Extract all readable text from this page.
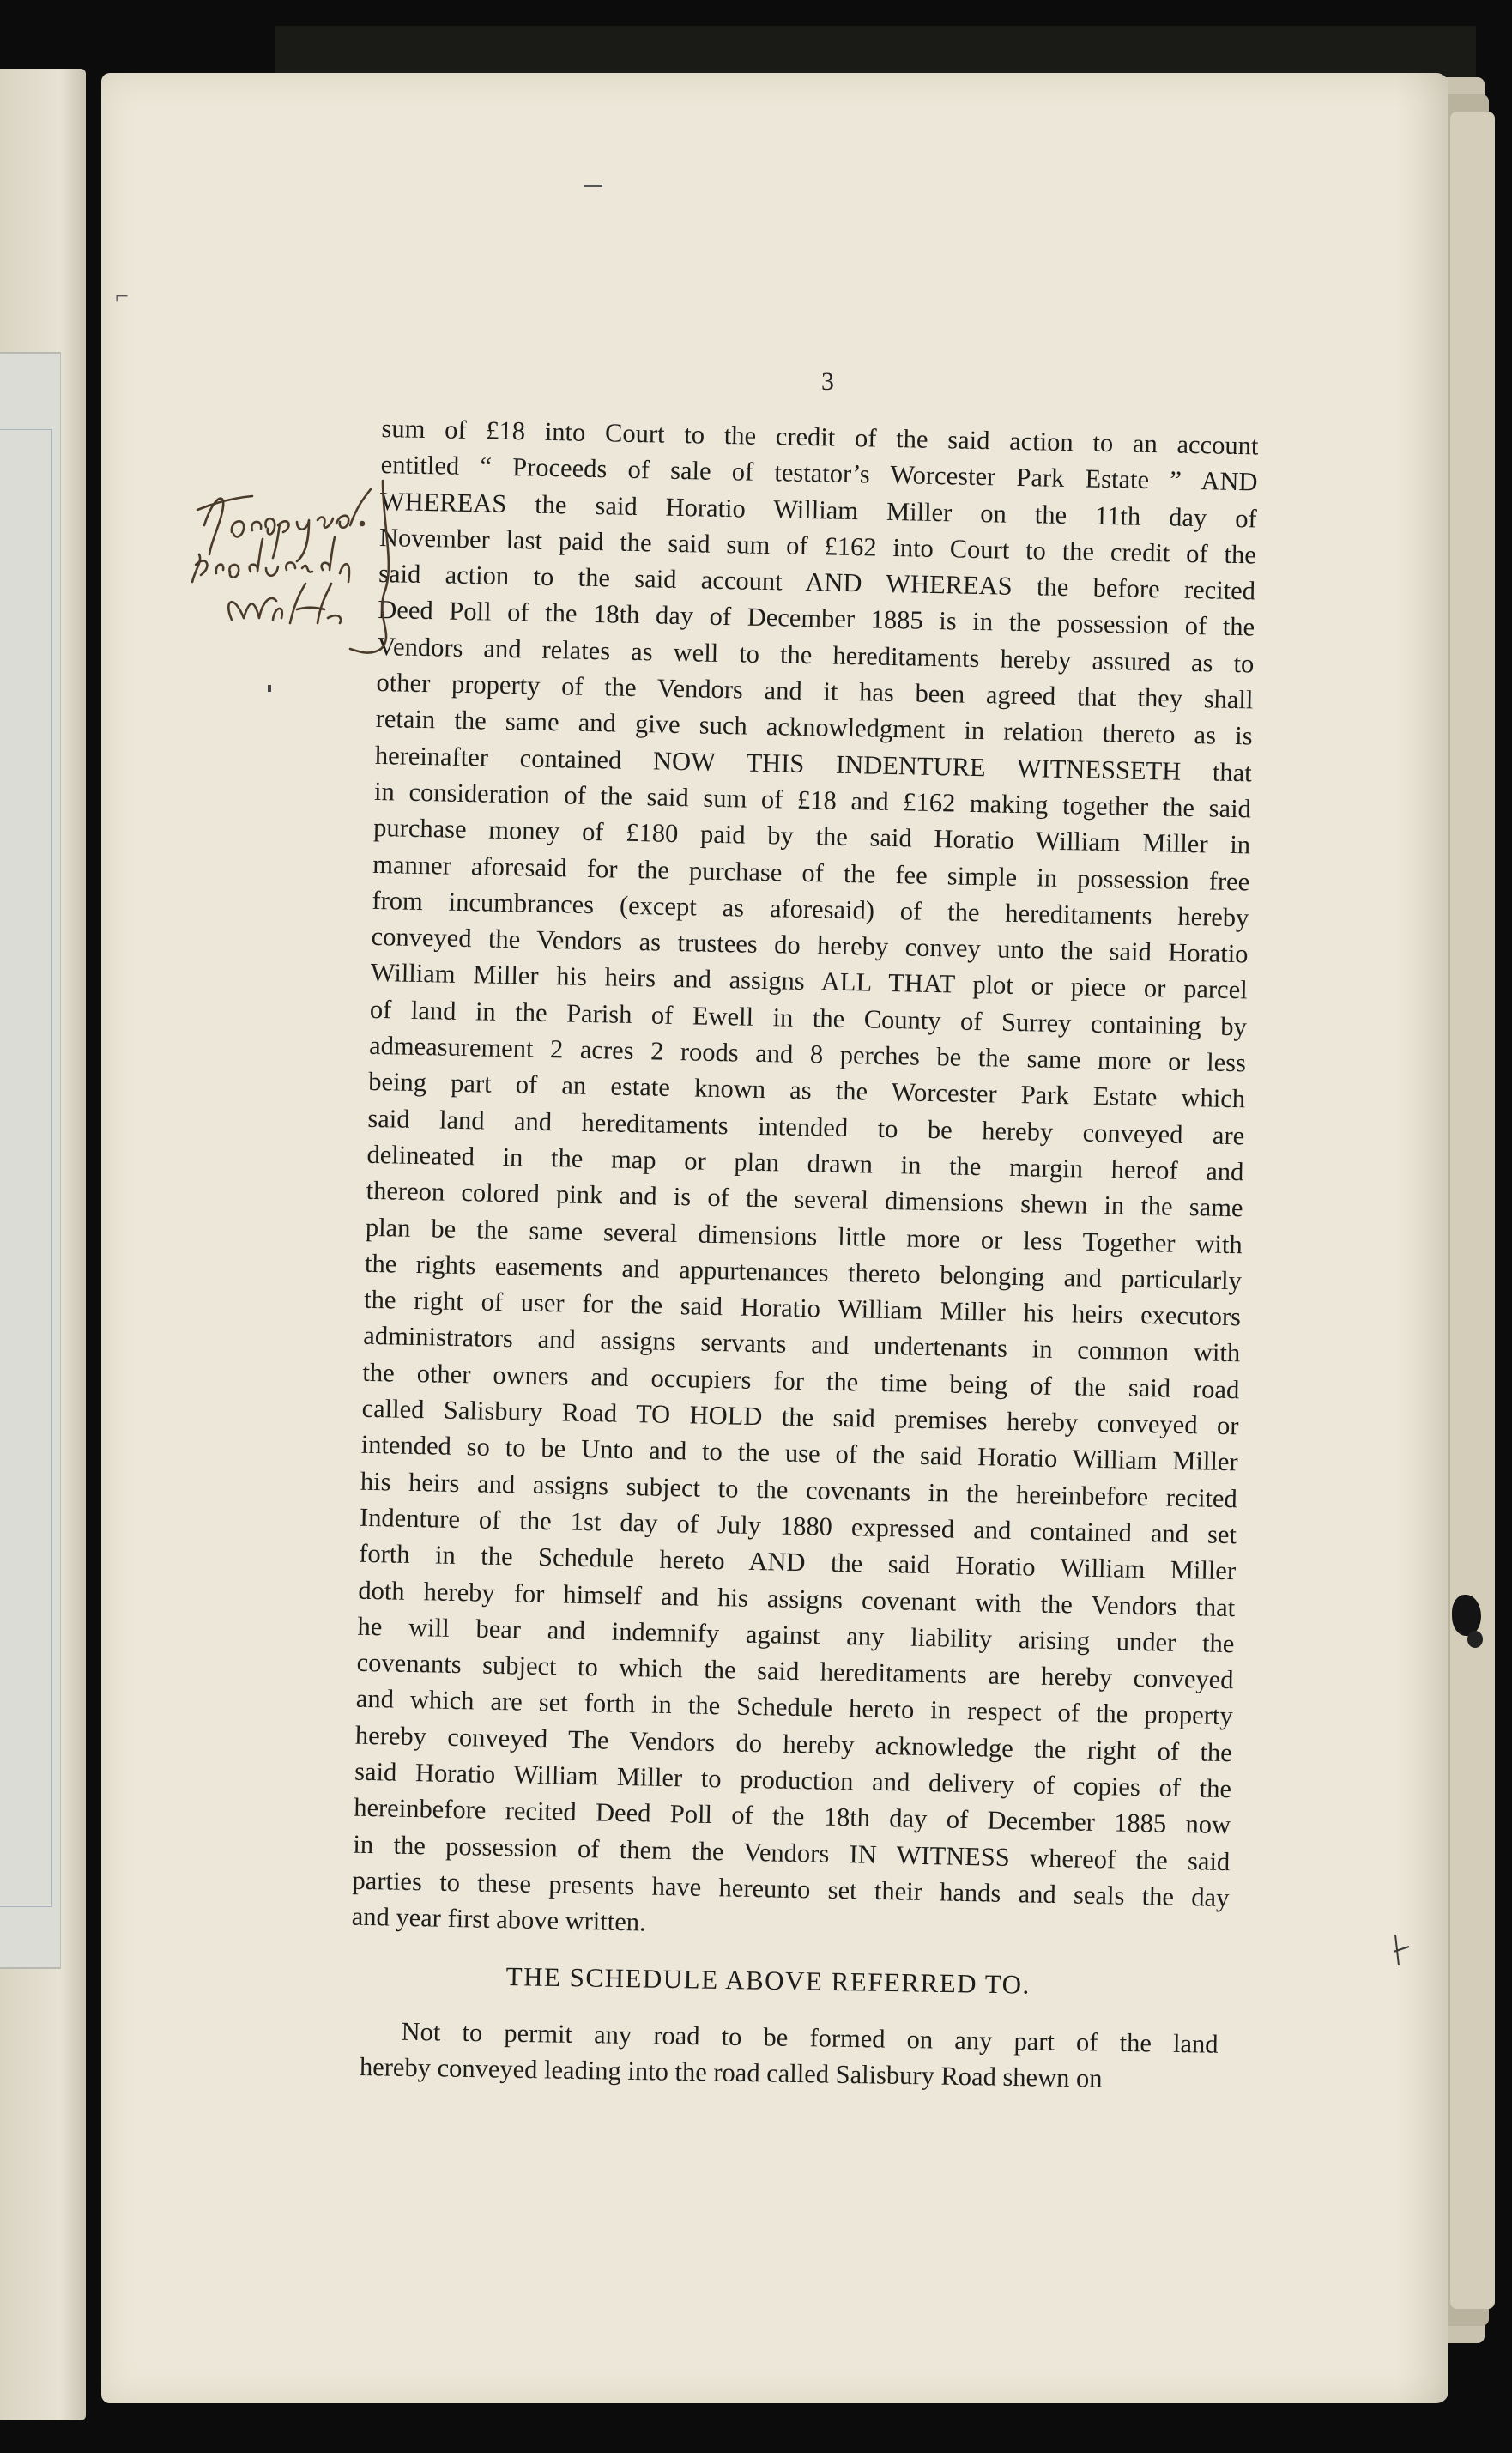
⌐
3
sum of £18 into Court to the credit of the said action to an account
entitled “ Proceeds of sale of testator’s Worcester Park Estate ” AND
WHEREAS the said Horatio William Miller on the 11th day of
November last paid the said sum of £162 into Court to the credit of the
said action to the said account AND WHEREAS the before recited
Deed Poll of the 18th day of December 1885 is in the possession of the
Vendors and relates as well to the hereditaments hereby assured as to
other property of the Vendors and it has been agreed that they shall
retain the same and give such acknowledgment in relation thereto as is
hereinafter contained NOW THIS INDENTURE WITNESSETH that
in consideration of the said sum of £18 and £162 making together the said
purchase money of £180 paid by the said Horatio William Miller in
manner aforesaid for the purchase of the fee simple in possession free
from incumbrances (except as aforesaid) of the hereditaments hereby
conveyed the Vendors as trustees do hereby convey unto the said Horatio
William Miller his heirs and assigns ALL THAT plot or piece or parcel
of land in the Parish of Ewell in the County of Surrey containing by
admeasurement 2 acres 2 roods and 8 perches be the same more or less
being part of an estate known as the Worcester Park Estate which
said land and hereditaments intended to be hereby conveyed are
delineated in the map or plan drawn in the margin hereof and
thereon colored pink and is of the several dimensions shewn in the same
plan be the same several dimensions little more or less Together with
the rights easements and appurtenances thereto belonging and particularly
the right of user for the said Horatio William Miller his heirs executors
administrators and assigns servants and undertenants in common with
the other owners and occupiers for the time being of the said road
called Salisbury Road TO HOLD the said premises hereby conveyed or
intended so to be Unto and to the use of the said Horatio William Miller
his heirs and assigns subject to the covenants in the hereinbefore recited
Indenture of the 1st day of July 1880 expressed and contained and set
forth in the Schedule hereto AND the said Horatio William Miller
doth hereby for himself and his assigns covenant with the Vendors that
he will bear and indemnify against any liability arising under the
covenants subject to which the said hereditaments are hereby conveyed
and which are set forth in the Schedule hereto in respect of the property
hereby conveyed The Vendors do hereby acknowledge the right of the
said Horatio William Miller to production and delivery of copies of the
hereinbefore recited Deed Poll of the 18th day of December 1885 now
in the possession of them the Vendors IN WITNESS whereof the said
parties to these presents have hereunto set their hands and seals the day
and year first above written.
THE SCHEDULE ABOVE REFERRED TO.
Not to permit any road to be formed on any part of the land
hereby conveyed leading into the road called Salisbury Road shewn on
